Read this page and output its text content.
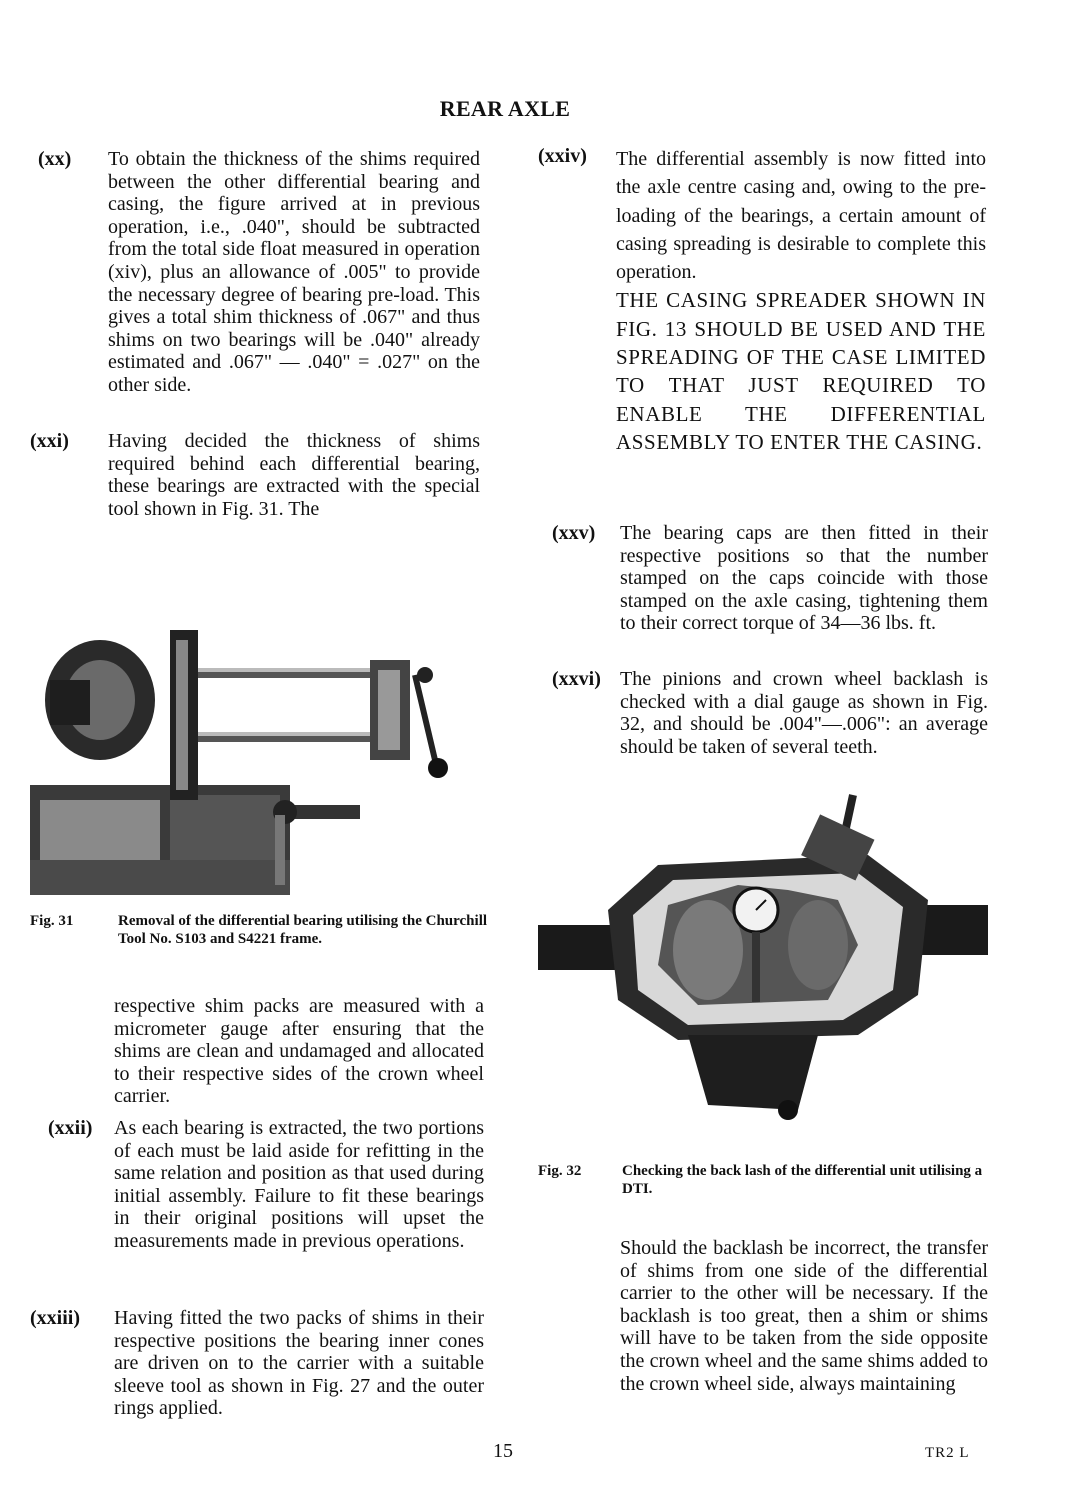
REAR AXLE
(xx) To obtain the thickness of the shims required between the other differential bearing and casing, the figure arrived at in previous operation, i.e., .040", should be subtracted from the total side float measured in operation (xiv), plus an allowance of .005" to provide the necessary degree of bearing pre-load. This gives a total shim thickness of .067" and thus shims on two bearings will be .040" already estimated and .067" — .040" = .027" on the other side.
(xxi) Having decided the thickness of shims required behind each differential bearing, these bearings are extracted with the special tool shown in Fig. 31. The
Fig. 31	Removal of the differential bearing utilising the Churchill Tool No. S103 and S4221 frame.
respective shim packs are measured with a micrometer gauge after ensuring that the shims are clean and undamaged and allocated to their respective sides of the crown wheel carrier.
(xxii) As each bearing is extracted, the two portions of each must be laid aside for refitting in the same relation and position as that used during initial assembly. Failure to fit these bearings in their original positions will upset the measurements made in previous operations.
(xxiii) Having fitted the two packs of shims in their respective positions the bearing inner cones are driven on to the carrier with a suitable sleeve tool as shown in Fig. 27 and the outer rings applied.
(xxiv) The differential assembly is now fitted into the axle centre casing and, owing to the pre-loading of the bearings, a certain amount of casing spreading is desirable to complete this operation.
THE CASING SPREADER SHOWN IN FIG. 13 SHOULD BE USED AND THE SPREADING OF THE CASE LIMITED TO THAT JUST REQUIRED TO ENABLE THE DIFFERENTIAL ASSEMBLY TO ENTER THE CASING.
(xxv) The bearing caps are then fitted in their respective positions so that the number stamped on the caps coincide with those stamped on the axle casing, tightening them to their correct torque of 34—36 lbs. ft.
(xxvi) The pinions and crown wheel backlash is checked with a dial gauge as shown in Fig. 32, and should be .004"—.006": an average should be taken of several teeth.
Fig. 32	Checking the back lash of the differential unit utilising a DTI.
Should the backlash be incorrect, the transfer of shims from one side of the differential carrier to the other will be necessary. If the backlash is too great, then a shim or shims will have to be taken from the side opposite the crown wheel and the same shims added to the crown wheel side, always maintaining
15	TR2 L
